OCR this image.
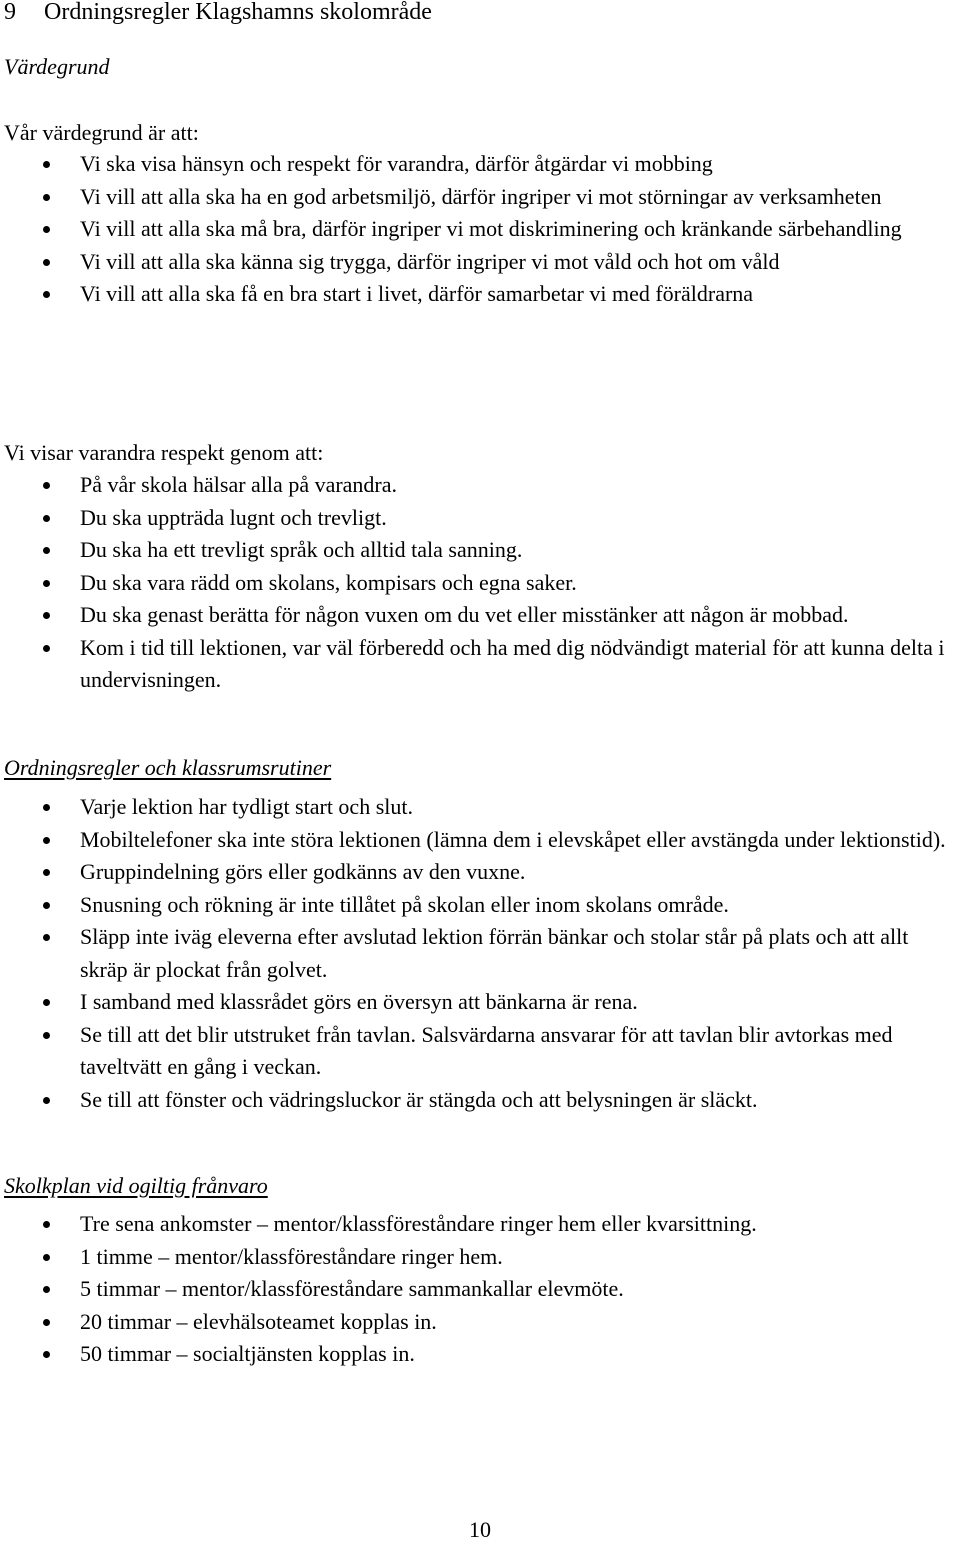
9 Ordningsregler Klagshamns skolområde
Värdegrund
Vår värdegrund är att:
Vi ska visa hänsyn och respekt för varandra, därför åtgärdar vi mobbing
Vi vill att alla ska ha en god arbetsmiljö, därför ingriper vi mot störningar av verksamheten
Vi vill att alla ska må bra, därför ingriper vi mot diskriminering och kränkande särbehandling
Vi vill att alla ska känna sig trygga, därför ingriper vi mot våld och hot om våld
Vi vill att alla ska få en bra start i livet, därför samarbetar vi med föräldrarna
Vi visar varandra respekt genom att:
På vår skola hälsar alla på varandra.
Du ska uppträda lugnt och trevligt.
Du ska ha ett trevligt språk och alltid tala sanning.
Du ska vara rädd om skolans, kompisars och egna saker.
Du ska genast berätta för någon vuxen om du vet eller misstänker att någon är mobbad.
Kom i tid till lektionen, var väl förberedd och ha med dig nödvändigt material för att kunna delta i undervisningen.
Ordningsregler och klassrumsrutiner
Varje lektion har tydligt start och slut.
Mobiltelefoner ska inte störa lektionen (lämna dem i elevskåpet eller avstängda under lektionstid).
Gruppindelning görs eller godkänns av den vuxne.
Snusning och rökning är inte tillåtet på skolan eller inom skolans område.
Släpp inte iväg eleverna efter avslutad lektion förrän bänkar och stolar står på plats och att allt skräp är plockat från golvet.
I samband med klassrådet görs en översyn att bänkarna är rena.
Se till att det blir utstruket från tavlan. Salsvärdarna ansvarar för att tavlan blir avtorkas med taveltvätt en gång i veckan.
Se till att fönster och vädringsluckor är stängda och att belysningen är släckt.
Skolkplan vid ogiltig frånvaro
Tre sena ankomster – mentor/klassföreståndare ringer hem eller kvarsittning.
1 timme – mentor/klassföreståndare ringer hem.
5 timmar – mentor/klassföreståndare sammankallar elevmöte.
20 timmar – elevhälsoteamet kopplas in.
50 timmar – socialtjänsten kopplas in.
10
